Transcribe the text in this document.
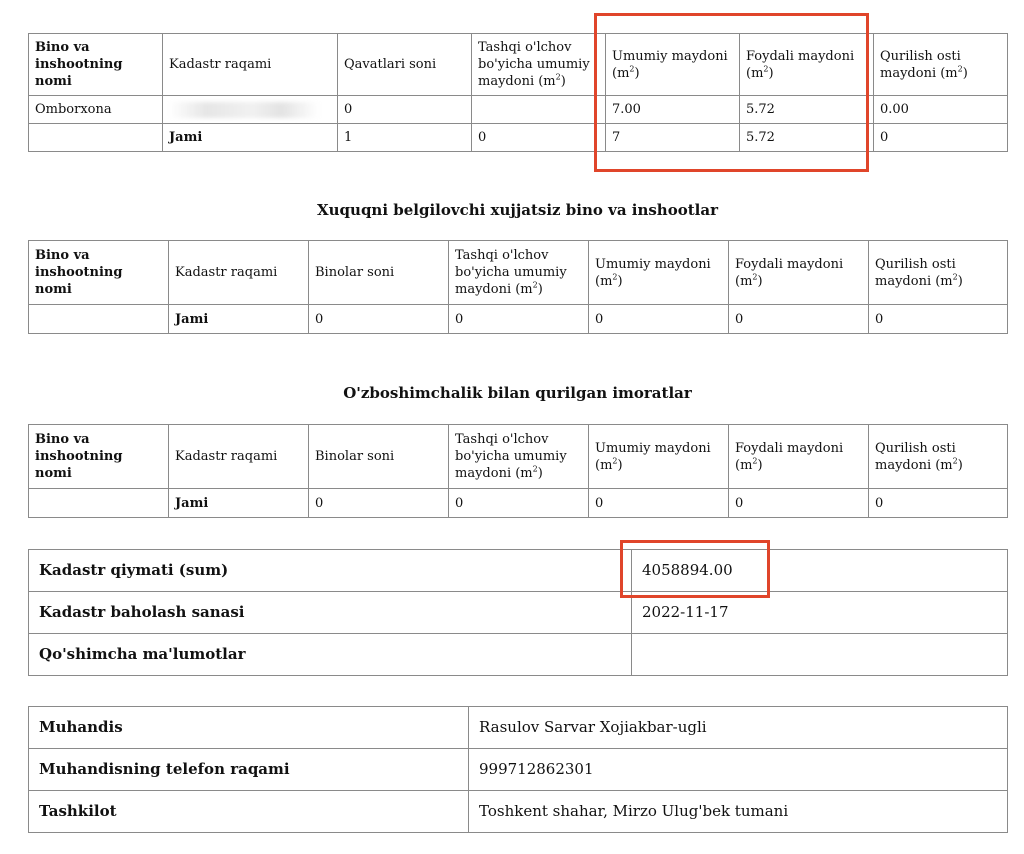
Bino va inshootning nomi	Kadastr raqami	Qavatlari soni	Tashqi o'lchov bo'yicha umumiy maydoni $(m^2)$	Umumiy maydoni $(m^2)$	Foydali maydoni $(m^2)$	Qurilish osti maydoni $(m^2)$
Omborxona		0		7.00	5.72	0.00
	Jami	1	0	7	5.72	0
Xuquqni belgilovchi xujjatsiz bino va inshootlar
Bino va inshootning nomi	Kadastr raqami	Binolar soni	Tashqi o'lchov bo'yicha umumiy maydoni $(m^2)$	Umumiy maydoni $(m^2)$	Foydali maydoni $(m^2)$	Qurilish osti maydoni $(m^2)$
	Jami	0	0	0	0	0
O'zboshimchalik bilan qurilgan imoratlar
Bino va inshootning nomi	Kadastr raqami	Binolar soni	Tashqi o'lchov bo'yicha umumiy maydoni $(m^2)$	Umumiy maydoni $(m^2)$	Foydali maydoni $(m^2)$	Qurilish osti maydoni $(m^2)$
	Jami	0	0	0	0	0
Kadastr qiymati (sum)	4058894.00
Kadastr baholash sanasi	2022-11-17
Qo'shimcha ma'lumotlar	
Muhandis	Rasulov Sarvar Xojiakbar-ugli
Muhandisning telefon raqami	999712862301
Tashkilot	Toshkent shahar, Mirzo Ulug'bek tumani
